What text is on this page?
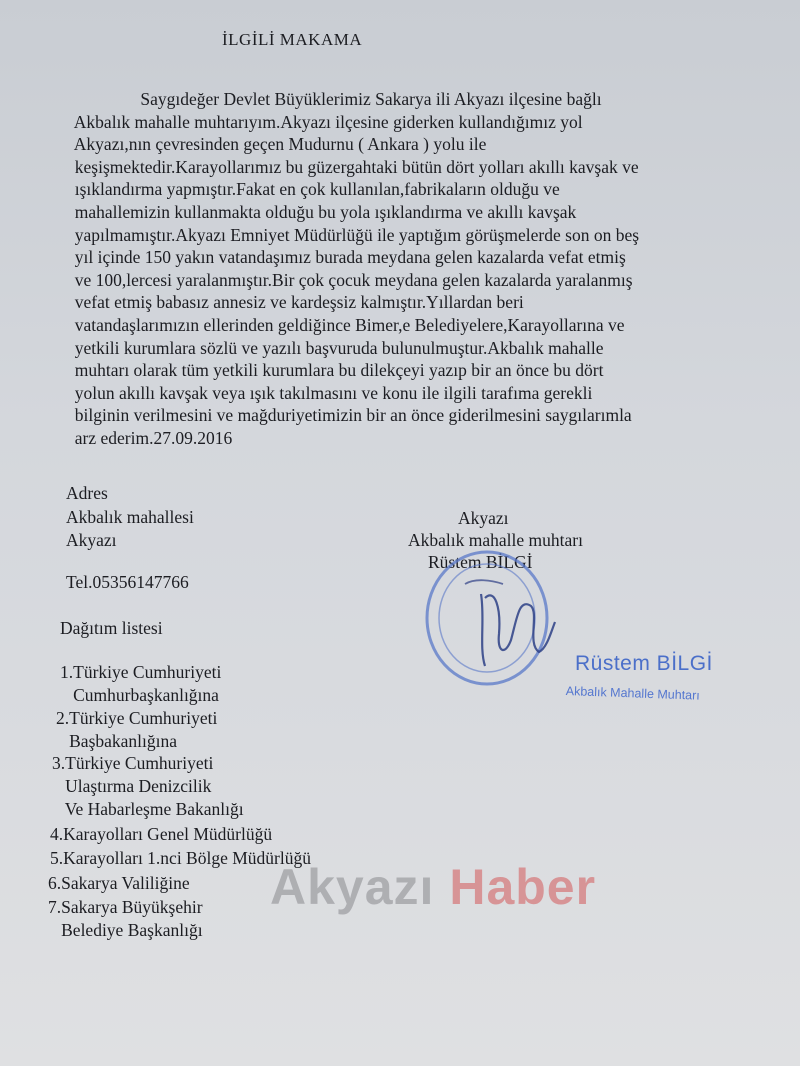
İLGİLİ MAKAMA
Saygıdeğer Devlet Büyüklerimiz Sakarya ili Akyazı ilçesine bağlı
Akbalık mahalle muhtarıyım.Akyazı ilçesine giderken kullandığımız yol
Akyazı,nın çevresinden geçen Mudurnu ( Ankara ) yolu ile
keşişmektedir.Karayollarımız bu güzergahtaki bütün dört yolları akıllı kavşak ve
ışıklandırma yapmıştır.Fakat en çok kullanılan,fabrikaların olduğu ve
mahallemizin kullanmakta olduğu bu yola ışıklandırma ve akıllı kavşak
yapılmamıştır.Akyazı Emniyet Müdürlüğü ile yaptığım görüşmelerde son on beş
yıl içinde 150 yakın vatandaşımız burada meydana gelen kazalarda vefat etmiş
ve 100,lercesi yaralanmıştır.Bir çok çocuk meydana gelen kazalarda yaralanmış
vefat etmiş babasız annesiz ve kardeşsiz kalmıştır.Yıllardan beri
vatandaşlarımızın ellerinden geldiğince Bimer,e Belediyelere,Karayollarına ve
yetkili kurumlara sözlü ve yazılı başvuruda bulunulmuştur.Akbalık mahalle
muhtarı olarak tüm yetkili kurumlara bu dilekçeyi yazıp bir an önce bu dört
yolun akıllı kavşak veya ışık takılmasını ve konu ile ilgili tarafıma gerekli
bilginin verilmesini ve mağduriyetimizin bir an önce giderilmesini saygılarımla
arz ederim.27.09.2016
Adres
Akbalık mahallesi
Akyazı
Tel.05356147766
Akyazı
Akbalık mahalle muhtarı
Rüstem BİLGİ
Rüstem BİLGİ
Akbalık Mahalle Muhtarı
Dağıtım listesi
1.Türkiye Cumhuriyeti
Cumhurbaşkanlığına
2.Türkiye Cumhuriyeti
Başbakanlığına
3.Türkiye Cumhuriyeti
Ulaştırma Denizcilik
Ve Habarleşme Bakanlığı
4.Karayolları Genel Müdürlüğü
5.Karayolları 1.nci Bölge Müdürlüğü
6.Sakarya Valiliğine
7.Sakarya Büyükşehir
Belediye Başkanlığı
Akyazı Haber
